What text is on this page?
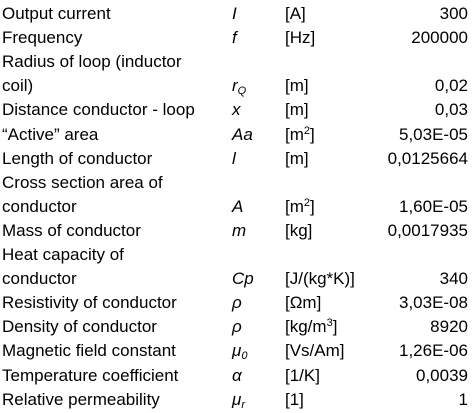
Output current	I	[A]	300
Frequency	f	[Hz]	200000
Radius of loop (inductor
coil)	$r_Q$	[m]	0,02
Distance conductor - loop	x	[m]	0,03
“Active” area	Aa	$[m^2]$	5,03E-05
Length of conductor	l	[m]	0,0125664
Cross section area of
conductor	A	$[m^2]$	1,60E-05
Mass of conductor	m	[kg]	0,0017935
Heat capacity of
conductor	Cp	[J/(kg*K)]	340
Resistivity of conductor	ρ	[Ωm]	3,03E-08
Density of conductor	ρ	$[kg/m^3]$	8920
Magnetic field constant	$\mu_0$	[Vs/Am]	1,26E-06
Temperature coefficient	α	[1/K]	0,0039
Relative permeability	$\mu_r$	[1]	1
